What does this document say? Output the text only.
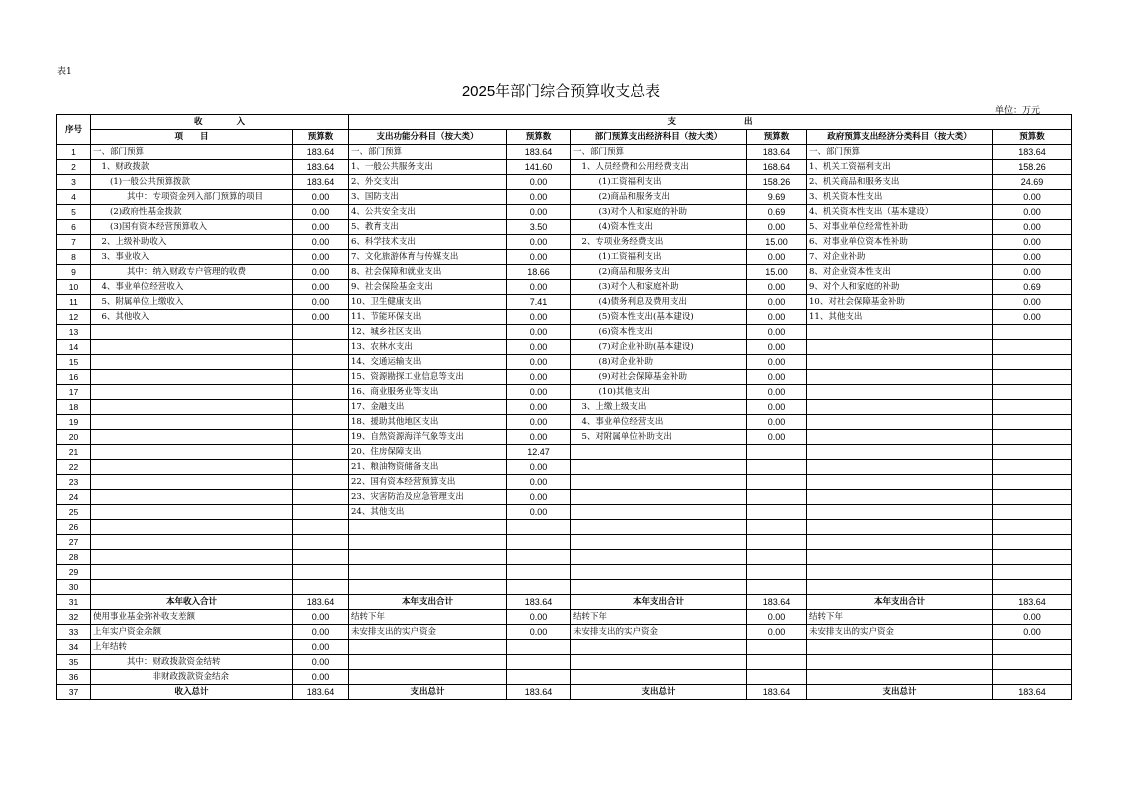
表1
2025年部门综合预算收支总表
单位：万元
序号	收　　　　入		支　　　　　　　　出					
	项　　目	预算数	支出功能分科目（按大类）	预算数	部门预算支出经济科目（按大类）	预算数	政府预算支出经济分类科目（按大类）	预算数
1	一、部门预算	183.64	一、部门预算	183.64	一、部门预算	183.64	一、部门预算	183.64
2	　1、财政拨款	183.64	1、一般公共服务支出	141.60	　1、人员经费和公用经费支出	168.64	1、机关工资福利支出	158.26
3	　　(1)一般公共预算拨款	183.64	2、外交支出	0.00	　　　(1)工资福利支出	158.26	2、机关商品和服务支出	24.69
4	　　　　其中：专项资金列入部门预算的项目	0.00	3、国防支出	0.00	　　　(2)商品和服务支出	9.69	3、机关资本性支出	0.00
5	　　(2)政府性基金拨款	0.00	4、公共安全支出	0.00	　　　(3)对个人和家庭的补助	0.69	4、机关资本性支出（基本建设）	0.00
6	　　(3)国有资本经营预算收入	0.00	5、教育支出	3.50	　　　(4)资本性支出	0.00	5、对事业单位经常性补助	0.00
7	　2、上级补助收入	0.00	6、科学技术支出	0.00	　2、专项业务经费支出	15.00	6、对事业单位资本性补助	0.00
8	　3、事业收入	0.00	7、文化旅游体育与传媒支出	0.00	　　　(1)工资福利支出	0.00	7、对企业补助	0.00
9	　　　　其中：纳入财政专户管理的收费	0.00	8、社会保障和就业支出	18.66	　　　(2)商品和服务支出	15.00	8、对企业资本性支出	0.00
10	　4、事业单位经营收入	0.00	9、社会保险基金支出	0.00	　　　(3)对个人和家庭补助	0.00	9、对个人和家庭的补助	0.69
11	　5、附属单位上缴收入	0.00	10、卫生健康支出	7.41	　　　(4)债务利息及费用支出	0.00	10、对社会保障基金补助	0.00
12	　6、其他收入	0.00	11、节能环保支出	0.00	　　　(5)资本性支出(基本建设)	0.00	11、其他支出	0.00
13			12、城乡社区支出	0.00	　　　(6)资本性支出	0.00		
14			13、农林水支出	0.00	　　　(7)对企业补助(基本建设)	0.00		
15			14、交通运输支出	0.00	　　　(8)对企业补助	0.00		
16			15、资源勘探工业信息等支出	0.00	　　　(9)对社会保障基金补助	0.00		
17			16、商业服务业等支出	0.00	　　　(10)其他支出	0.00		
18			17、金融支出	0.00	　3、上缴上级支出	0.00		
19			18、援助其他地区支出	0.00	　4、事业单位经营支出	0.00		
20			19、自然资源海洋气象等支出	0.00	　5、对附属单位补助支出	0.00		
21			20、住房保障支出	12.47				
22			21、粮油物资储备支出	0.00				
23			22、国有资本经营预算支出	0.00				
24			23、灾害防治及应急管理支出	0.00				
25			24、其他支出	0.00				
26								
27								
28								
29								
30								
31	本年收入合计	183.64	本年支出合计	183.64	本年支出合计	183.64	本年支出合计	183.64
32	使用事业基金弥补收支差额	0.00	结转下年	0.00	结转下年	0.00	结转下年	0.00
33	上年实户资金余额	0.00	未安排支出的实户资金	0.00	未安排支出的实户资金	0.00	未安排支出的实户资金	0.00
34	上年结转	0.00						
35	　　　　其中：财政拨款资金结转	0.00						
36	　　　　　　　非财政拨款资金结余	0.00						
37	收入总计	183.64	支出总计	183.64	支出总计	183.64	支出总计	183.64
